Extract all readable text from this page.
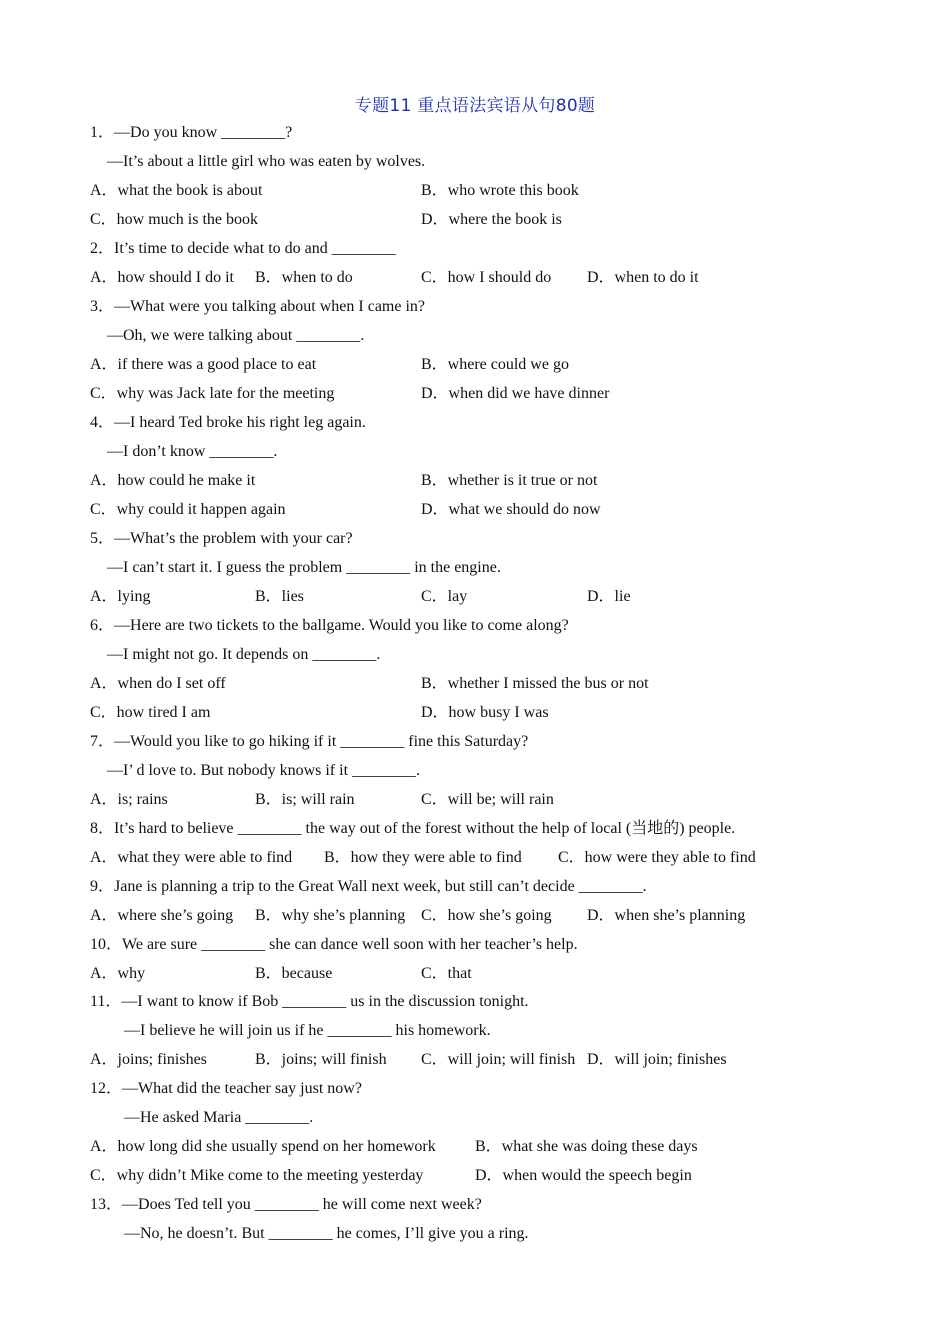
专题11 重点语法宾语从句80题
1．—Do you know ________?
—It’s about a little girl who was eaten by wolves.
A．what the book is about	B．who wrote this book
C．how much is the book	D．where the book is
2．It’s time to decide what to do and ________
A．how should I do it B．when to do	C．how I should do D．when to do it
3．—What were you talking about when I came in?
—Oh, we were talking about ________.
A．if there was a good place to eat	B．where could we go
C．why was Jack late for the meeting	D．when did we have dinner
4．—I heard Ted broke his right leg again.
—I don’t know ________.
A．how could he make it	B．whether is it true or not
C．why could it happen again	D．what we should do now
5．—What’s the problem with your car?
—I can’t start it. I guess the problem ________ in the engine.
A．lying	B．lies	C．lay	D．lie
6．—Here are two tickets to the ballgame. Would you like to come along?
—I might not go. It depends on ________.
A．when do I set off	B．whether I missed the bus or not
C．how tired I am	D．how busy I was
7．—Would you like to go hiking if it ________ fine this Saturday?
—I’ d love to. But nobody knows if it ________.
A．is; rains	B．is; will rain	C．will be; will rain
8．It’s hard to believe ________ the way out of the forest without the help of local (当地的) people.
A．what they were able to find B．how they were able to find C．how were they able to find
9．Jane is planning a trip to the Great Wall next week, but still can’t decide ________.
A．where she’s going B．why she’s planning C．how she’s going D．when she’s planning
10．We are sure ________ she can dance well soon with her teacher’s help.
A．why	B．because	C．that
11．—I want to know if Bob ________ us in the discussion tonight.
—I believe he will join us if he ________ his homework.
A．joins; finishes	B．joins; will finish C．will join; will finish D．will join; finishes
12．—What did the teacher say just now?
—He asked Maria ________.
A．how long did she usually spend on her homework B．what she was doing these days
C．why didn’t Mike come to the meeting yesterday	D．when would the speech begin
13．—Does Ted tell you ________ he will come next week?
—No, he doesn’t. But ________ he comes, I’ll give you a ring.
